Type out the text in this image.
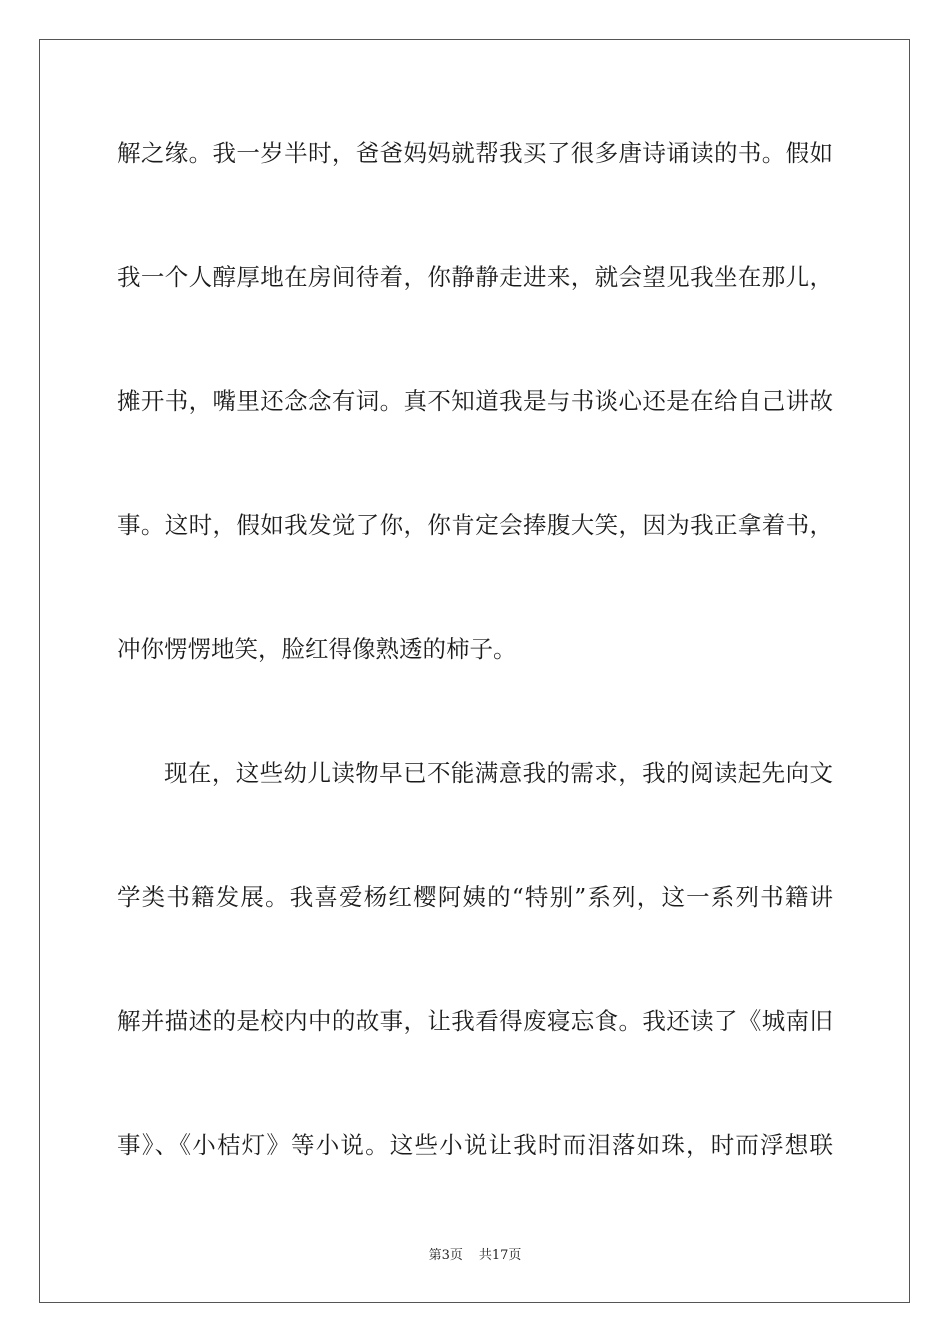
解之缘。我一岁半时，爸爸妈妈就帮我买了很多唐诗诵读的书。假如
我一个人醇厚地在房间待着，你静静走进来，就会望见我坐在那儿，
摊开书，嘴里还念念有词。真不知道我是与书谈心还是在给自己讲故
事。这时，假如我发觉了你，你肯定会捧腹大笑，因为我正拿着书，
冲你愣愣地笑，脸红得像熟透的柿子。
现在，这些幼儿读物早已不能满意我的需求，我的阅读起先向文
学类书籍发展。我喜爱杨红樱阿姨的“特别”系列，这一系列书籍讲
解并描述的是校内中的故事，让我看得废寝忘食。我还读了《城南旧
事》、《小桔灯》等小说。这些小说让我时而泪落如珠，时而浮想联
第3页 共17页
